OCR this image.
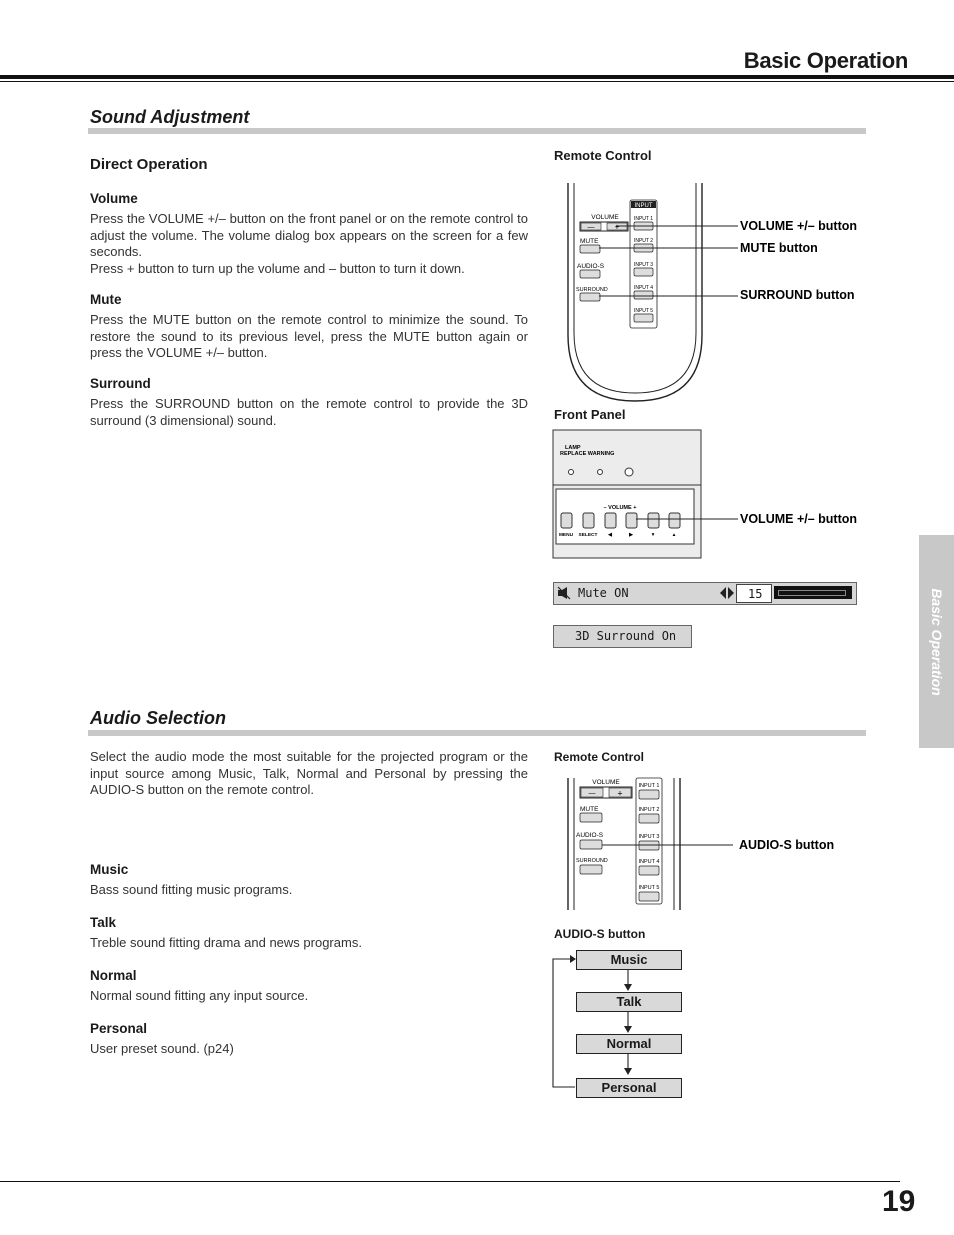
Basic Operation
Basic Operation
Sound Adjustment
Direct Operation
Volume

Press the VOLUME +/– button on the front panel or on the remote control to adjust the volume. The volume dialog box appears on the screen for a few seconds.

Press + button to turn up the volume and – button to turn it down.

Mute

Press the MUTE button on the remote control to minimize the sound. To restore the sound to its previous level, press the MUTE button again or press the VOLUME +/– button.

Surround

Press the SURROUND button on the remote control to provide the 3D surround (3 dimensional) sound.

Remote Control
VOLUME
—	+
MUTE
AUDIO-S
SURROUND
INPUT
INPUT 1
INPUT 2
INPUT 3
INPUT 4
INPUT 5
VOLUME +/– button
MUTE button
SURROUND button
Front Panel
LAMP
REPLACE WARNING
– VOLUME +
MENU SELECT ◀	▶	▼	▲
VOLUME +/– button
Mute ON	15
3D Surround On
Audio Selection

Select the audio mode the most suitable for the projected program or the input source among Music, Talk, Normal and Personal by pressing the AUDIO-S button on the remote control.

Music
Bass sound fitting music programs.
Talk
Treble sound fitting drama and news programs.
Normal
Normal sound fitting any input source.
Personal
User preset sound. (p24)
Remote Control
VOLUME
— +
MUTE
AUDIO-S
SURROUND
INPUT 1
INPUT 2
INPUT 3
INPUT 4
INPUT 5
AUDIO-S button
AUDIO-S button
Music
Talk
Normal
Personal
19
